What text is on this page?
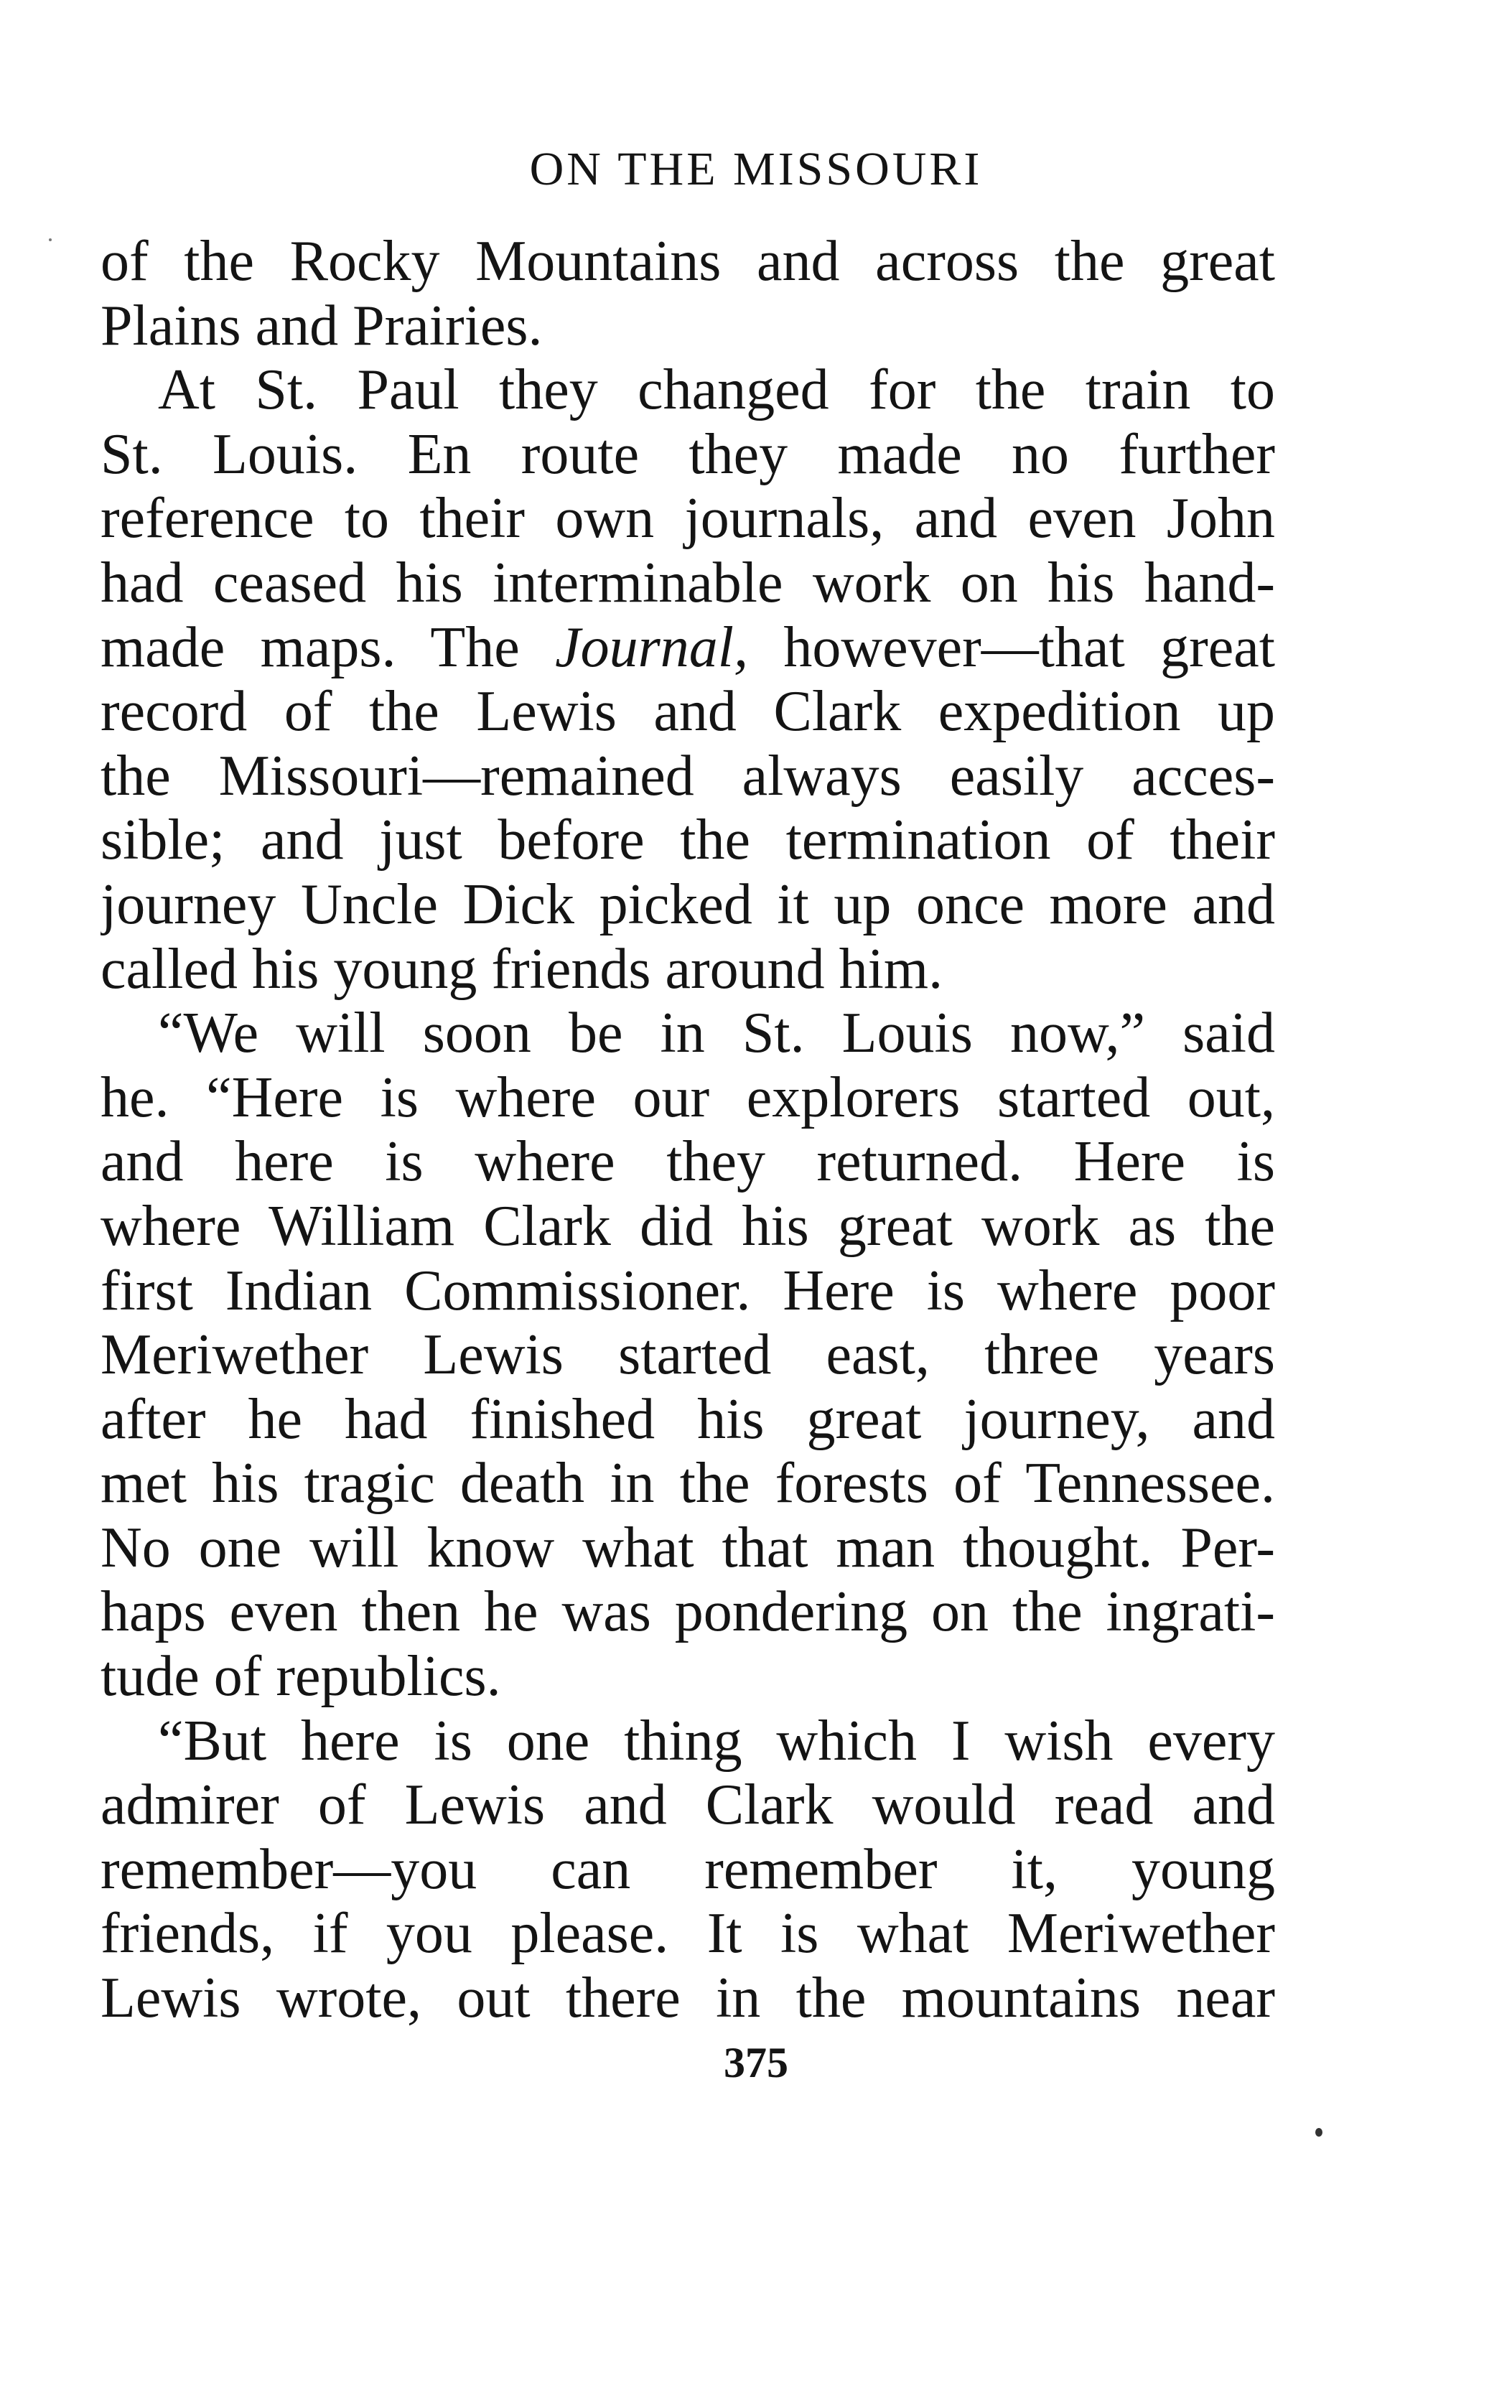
ON THE MISSOURI
of the Rocky Mountains and across the great
Plains and Prairies.
At St. Paul they changed for the train to
St. Louis. En route they made no further
reference to their own journals, and even John
had ceased his interminable work on his hand-
made maps. The Journal, however—that great
record of the Lewis and Clark expedition up
the Missouri—remained always easily acces-
sible; and just before the termination of their
journey Uncle Dick picked it up once more and
called his young friends around him.
“We will soon be in St. Louis now,” said
he. “Here is where our explorers started out,
and here is where they returned. Here is
where William Clark did his great work as the
first Indian Commissioner. Here is where poor
Meriwether Lewis started east, three years
after he had finished his great journey, and
met his tragic death in the forests of Tennessee.
No one will know what that man thought. Per-
haps even then he was pondering on the ingrati-
tude of republics.
“But here is one thing which I wish every
admirer of Lewis and Clark would read and
remember—you can remember it, young
friends, if you please. It is what Meriwether
Lewis wrote, out there in the mountains near
375
